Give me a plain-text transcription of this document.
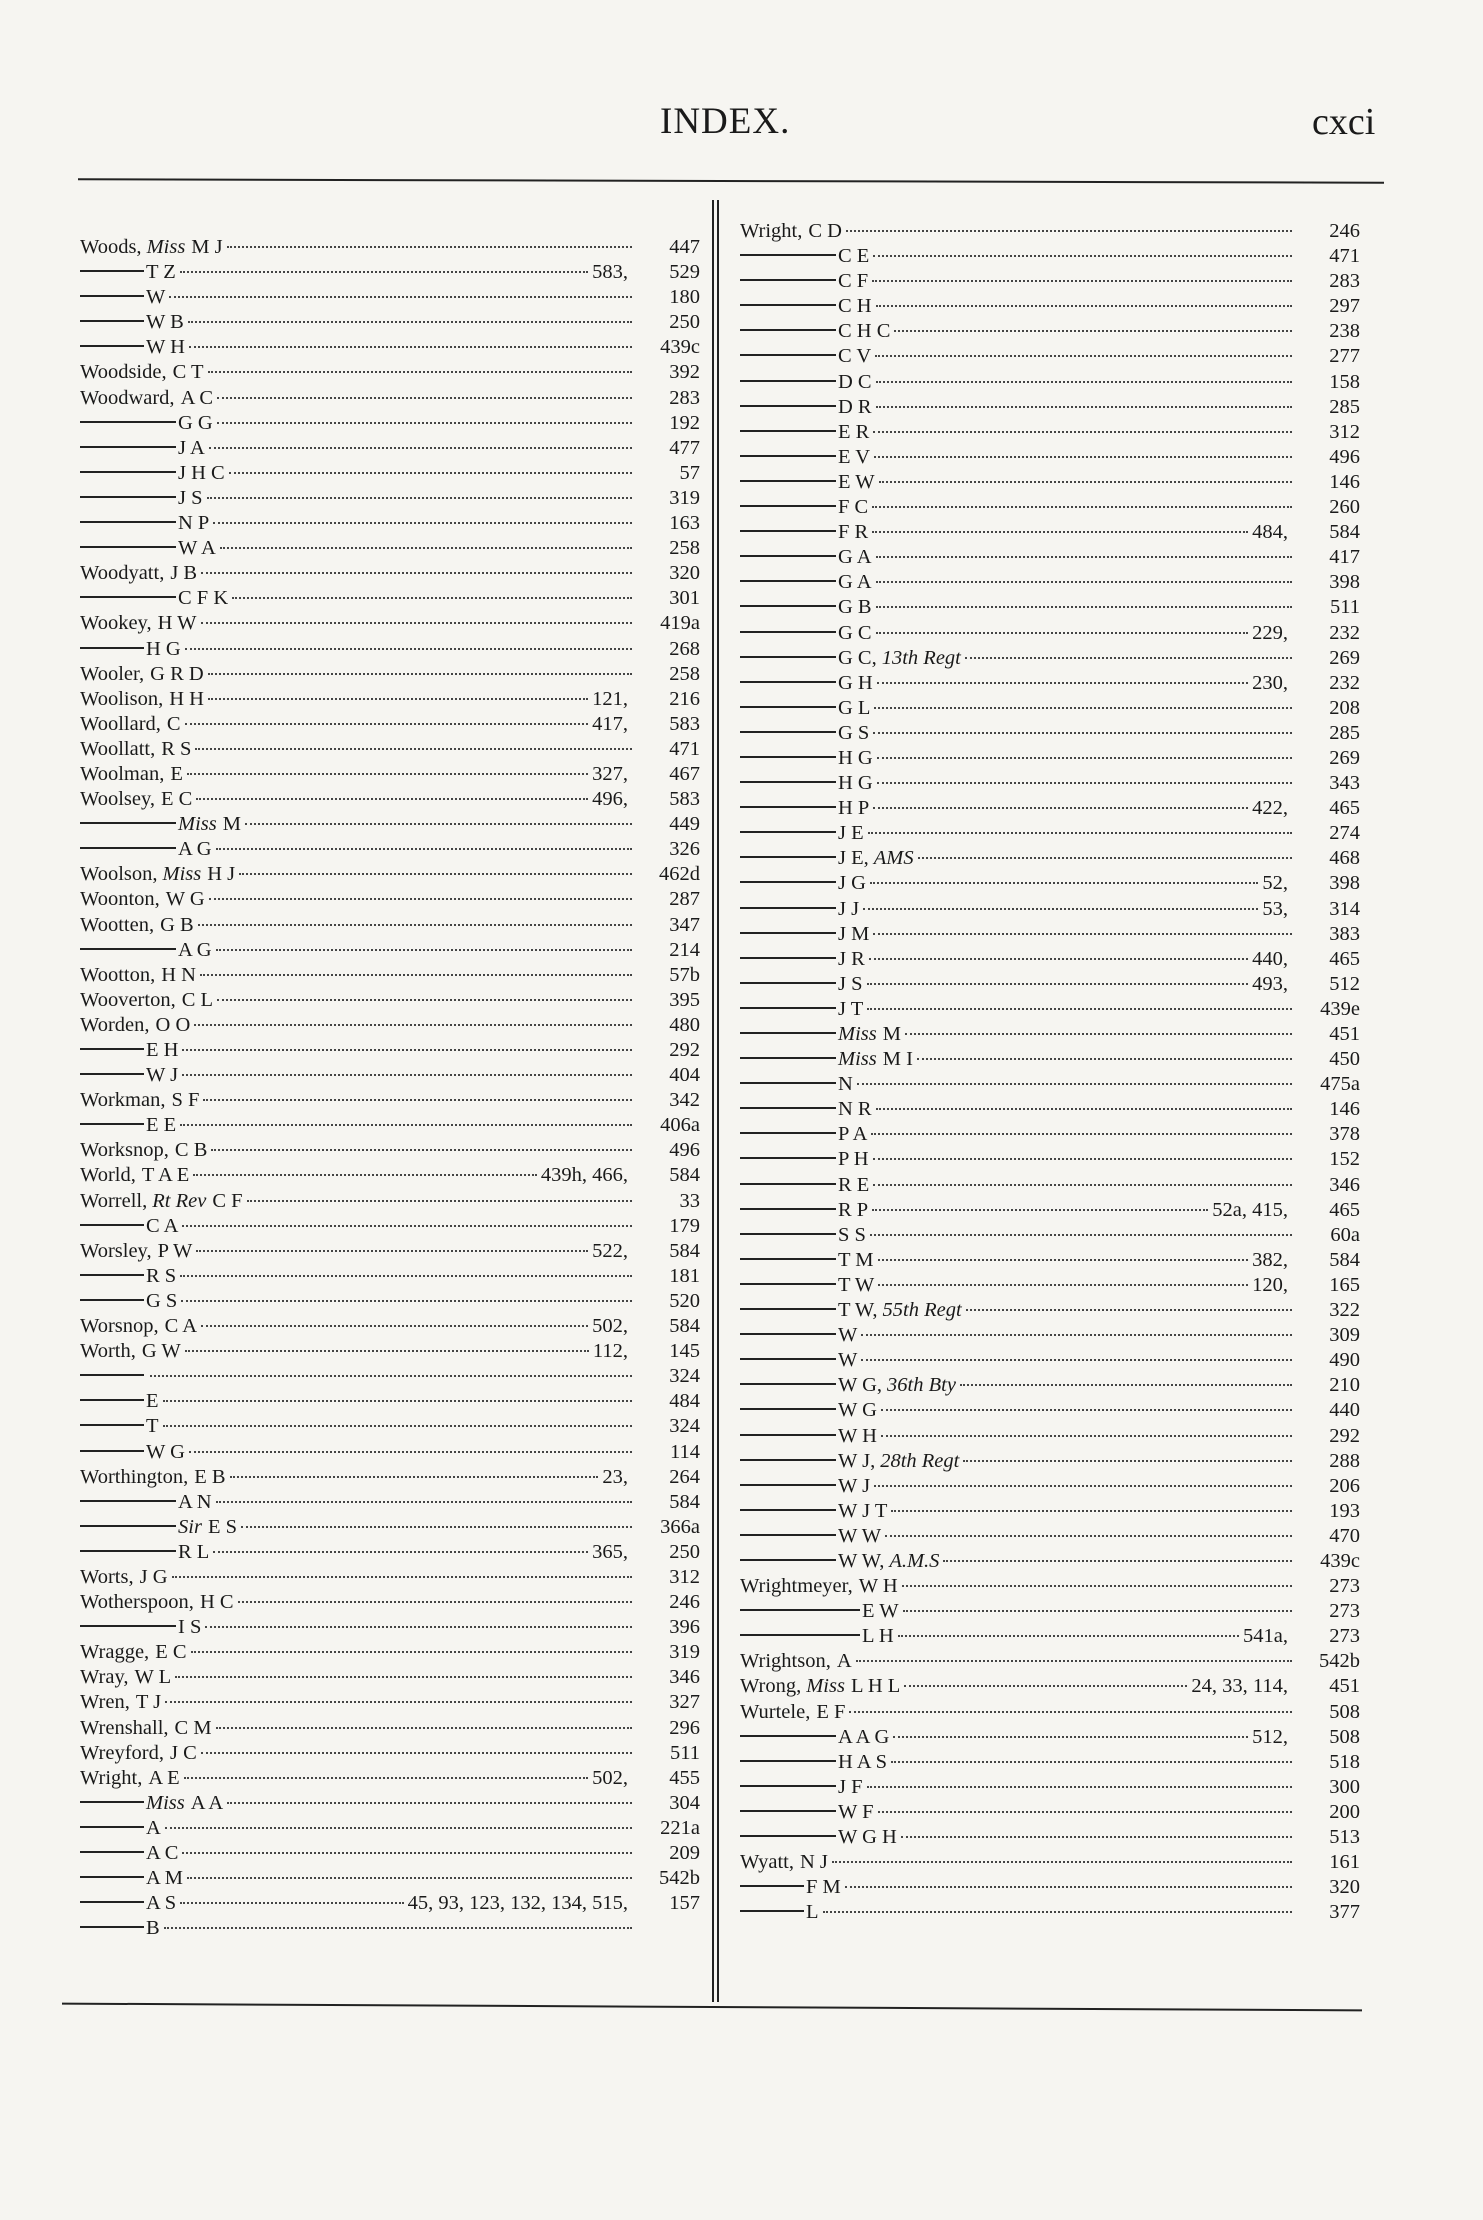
INDEX.	cxci
Woods, Miss M J	447
T Z	583,	529
W	180
W B	250
W H	439c
Woodside, C T	392
Woodward, A C	283
G G	192
J A	477
J H C	57
J S	319
N P	163
W A	258
Woodyatt, J B	320
C F K	301
Wookey, H W	419a
H G	268
Wooler, G R D	258
Woolison, H H	121,	216
Woollard, C	417,	583
Woollatt, R S	471
Woolman, E	327,	467
Woolsey, E C	496,	583
Miss M	449
A G	326
Woolson, Miss H J	462d
Woonton, W G	287
Wootten, G B	347
A G	214
Wootton, H N	57b
Wooverton, C L	395
Worden, O O	480
E H	292
W J	404
Workman, S F	342
E E	406a
Worksnop, C B	496
World, T A E	439h, 466,	584
Worrell, Rt Rev C F	33
C A	179
Worsley, P W	522,	584
R S	181
G S	520
Worsnop, C A	502,	584
Worth, G W	112,	145
324
E	484
T	324
W G	114
Worthington, E B	23,	264
A N	584
Sir E S	366a
R L	365,	250
Worts, J G	312
Wotherspoon, H C	246
I S	396
Wragge, E C	319
Wray, W L	346
Wren, T J	327
Wrenshall, C M	296
Wreyford, J C	511
Wright, A E	502,	455
Miss A A	304
A	221a
A C	209
A M	542b
A S	45, 93, 123, 132, 134, 515,	157
B
Wright, C D	246
C E	471
C F	283
C H	297
C H C	238
C V	277
D C	158
D R	285
E R	312
E V	496
E W	146
F C	260
F R	484,	584
G A	417
G A	398
G B	511
G C	229,	232
G C, 13th Regt	269
G H	230,	232
G L	208
G S	285
H G	269
H G	343
H P	422,	465
J E	274
J E, AMS	468
J G	52,	398
J J	53,	314
J M	383
J R	440,	465
J S	493,	512
J T	439e
Miss M	451
Miss M I	450
N	475a
N R	146
P A	378
P H	152
R E	346
R P	52a, 415,	465
S S	60a
T M	382,	584
T W	120,	165
T W, 55th Regt	322
W	309
W	490
W G, 36th Bty	210
W G	440
W H	292
W J, 28th Regt	288
W J	206
W J T	193
W W	470
W W, A.M.S	439c
Wrightmeyer, W H	273
E W	273
L H	541a,	273
Wrightson, A	542b
Wrong, Miss L H L	24, 33, 114,	451
Wurtele, E F	508
A A G	512,	508
H A S	518
J F	300
W F	200
W G H	513
Wyatt, N J	161
F M	320
L	377
